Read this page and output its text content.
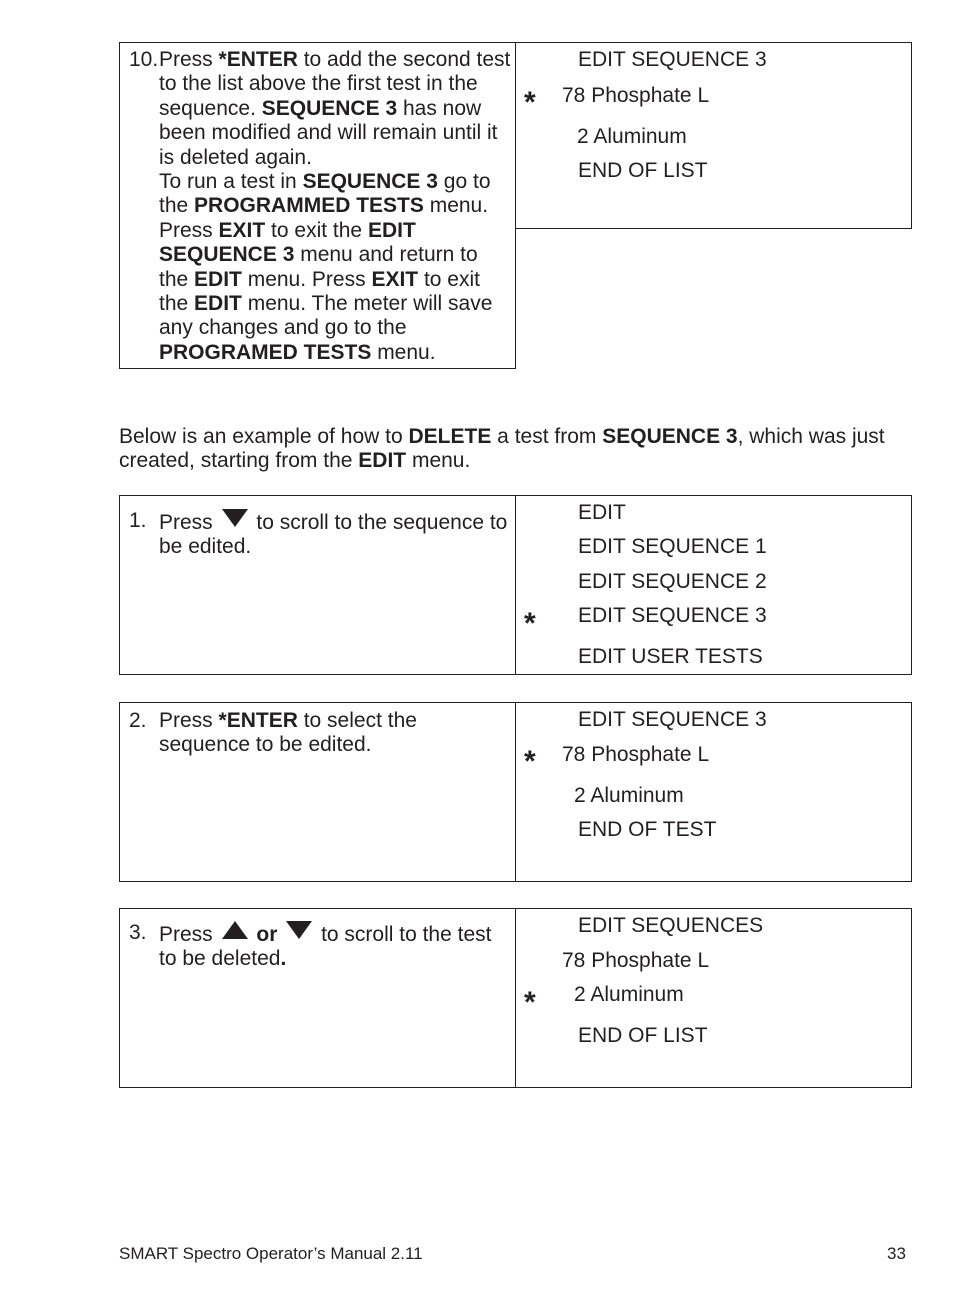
10. Press *ENTER to add the second test to the list above the first test in the sequence. SEQUENCE 3 has now been modified and will remain until it is deleted again.
To run a test in SEQUENCE 3 go to the PROGRAMMED TESTS menu. Press EXIT to exit the EDIT SEQUENCE 3 menu and return to the EDIT menu. Press EXIT to exit the EDIT menu. The meter will save any changes and go to the PROGRAMED TESTS menu.
EDIT SEQUENCE 3
* 78 Phosphate L
2 Aluminum
END OF LIST
Below is an example of how to DELETE a test from SEQUENCE 3, which was just created, starting from the EDIT menu.
1. Press to scroll to the sequence to be edited.
EDIT
EDIT SEQUENCE 1
EDIT SEQUENCE 2
* EDIT SEQUENCE 3
EDIT USER TESTS
2. Press *ENTER to select the sequence to be edited.
EDIT SEQUENCE 3
* 78 Phosphate L
2 Aluminum
END OF TEST
3. Press or to scroll to the test to be deleted.
EDIT SEQUENCES
78 Phosphate L
* 2 Aluminum
END OF LIST
SMART Spectro Operator’s Manual 2.11	33
